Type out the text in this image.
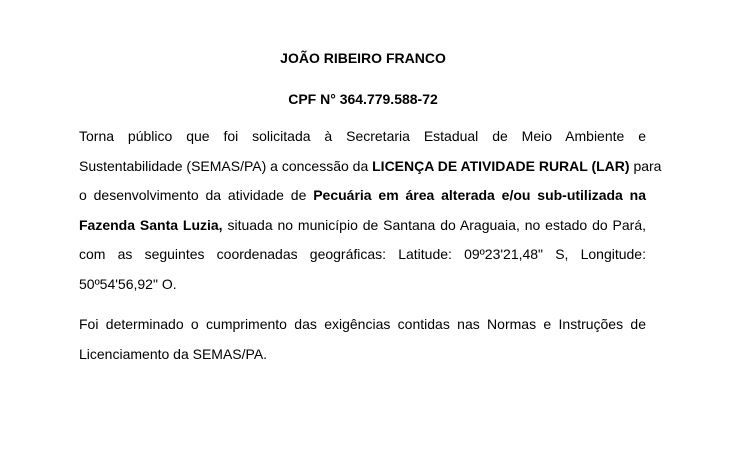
JOÃO RIBEIRO FRANCO
CPF N° 364.779.588-72
Torna público que foi solicitada à Secretaria Estadual de Meio Ambiente e
Sustentabilidade (SEMAS/PA) a concessão da LICENÇA DE ATIVIDADE RURAL (LAR) para
o desenvolvimento da atividade de Pecuária em área alterada e/ou sub-utilizada na
Fazenda Santa Luzia, situada no município de Santana do Araguaia, no estado do Pará,
com as seguintes coordenadas geográficas: Latitude: 09º23'21,48" S, Longitude:
50º54'56,92" O.
Foi determinado o cumprimento das exigências contidas nas Normas e Instruções de
Licenciamento da SEMAS/PA.
